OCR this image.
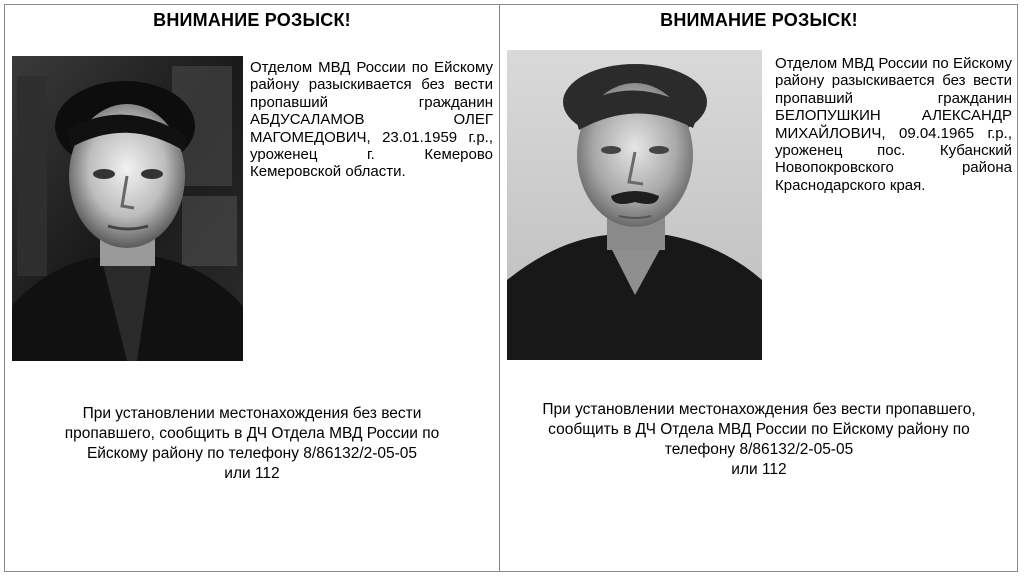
ВНИМАНИЕ РОЗЫСК!
Отделом МВД России по Ейскому району разыскивается без вести пропавший гражданин АБДУСАЛАМОВ ОЛЕГ МАГОМЕДОВИЧ, 23.01.1959 г.р., уроженец г. Кемерово Кемеровской области.
При установлении местонахождения без вести
пропавшего, сообщить в ДЧ Отдела МВД России по
Ейскому району по телефону 8/86132/2-05-05
или 112
ВНИМАНИЕ РОЗЫСК!
Отделом МВД России по Ейскому району разыскивается без вести пропавший гражданин БЕЛОПУШКИН АЛЕКСАНДР МИХАЙЛОВИЧ, 09.04.1965 г.р., уроженец пос. Кубанский Новопокровского района Краснодарского края.
При установлении местонахождения без вести пропавшего,
сообщить в ДЧ Отдела МВД России по Ейскому району по
телефону 8/86132/2-05-05
или 112
